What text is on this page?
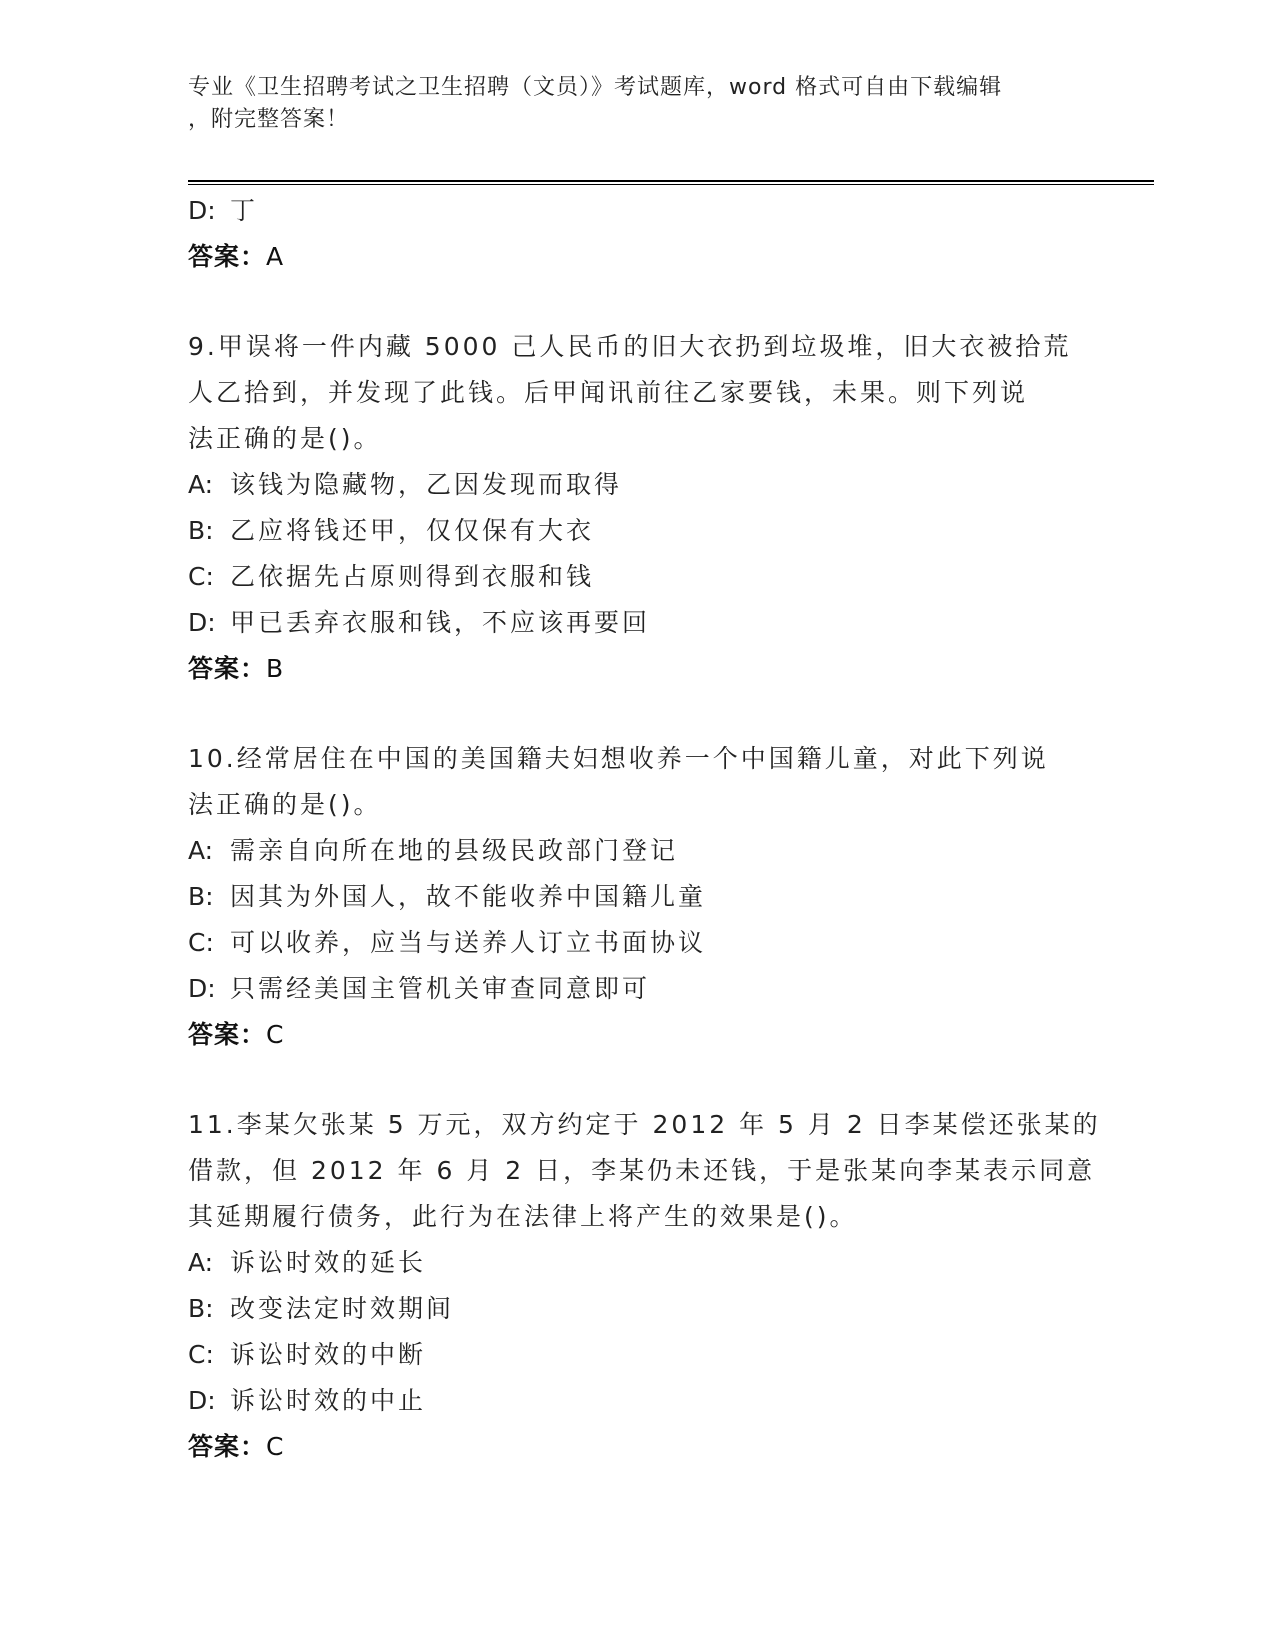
专业《卫生招聘考试之卫生招聘（文员）》考试题库，word 格式可自由下载编辑
，附完整答案！
D: 丁
答案：A
9.甲误将一件内藏 5000 己人民币的旧大衣扔到垃圾堆，旧大衣被拾荒
人乙拾到，并发现了此钱。后甲闻讯前往乙家要钱，未果。则下列说
法正确的是()。
A: 该钱为隐藏物，乙因发现而取得
B: 乙应将钱还甲，仅仅保有大衣
C: 乙依据先占原则得到衣服和钱
D: 甲已丢弃衣服和钱，不应该再要回
答案：B
10.经常居住在中国的美国籍夫妇想收养一个中国籍儿童，对此下列说
法正确的是()。
A: 需亲自向所在地的县级民政部门登记
B: 因其为外国人，故不能收养中国籍儿童
C: 可以收养，应当与送养人订立书面协议
D: 只需经美国主管机关审查同意即可
答案：C
11.李某欠张某 5 万元，双方约定于 2012 年 5 月 2 日李某偿还张某的
借款，但 2012 年 6 月 2 日，李某仍未还钱，于是张某向李某表示同意
其延期履行债务，此行为在法律上将产生的效果是()。
A: 诉讼时效的延长
B: 改变法定时效期间
C: 诉讼时效的中断
D: 诉讼时效的中止
答案：C
